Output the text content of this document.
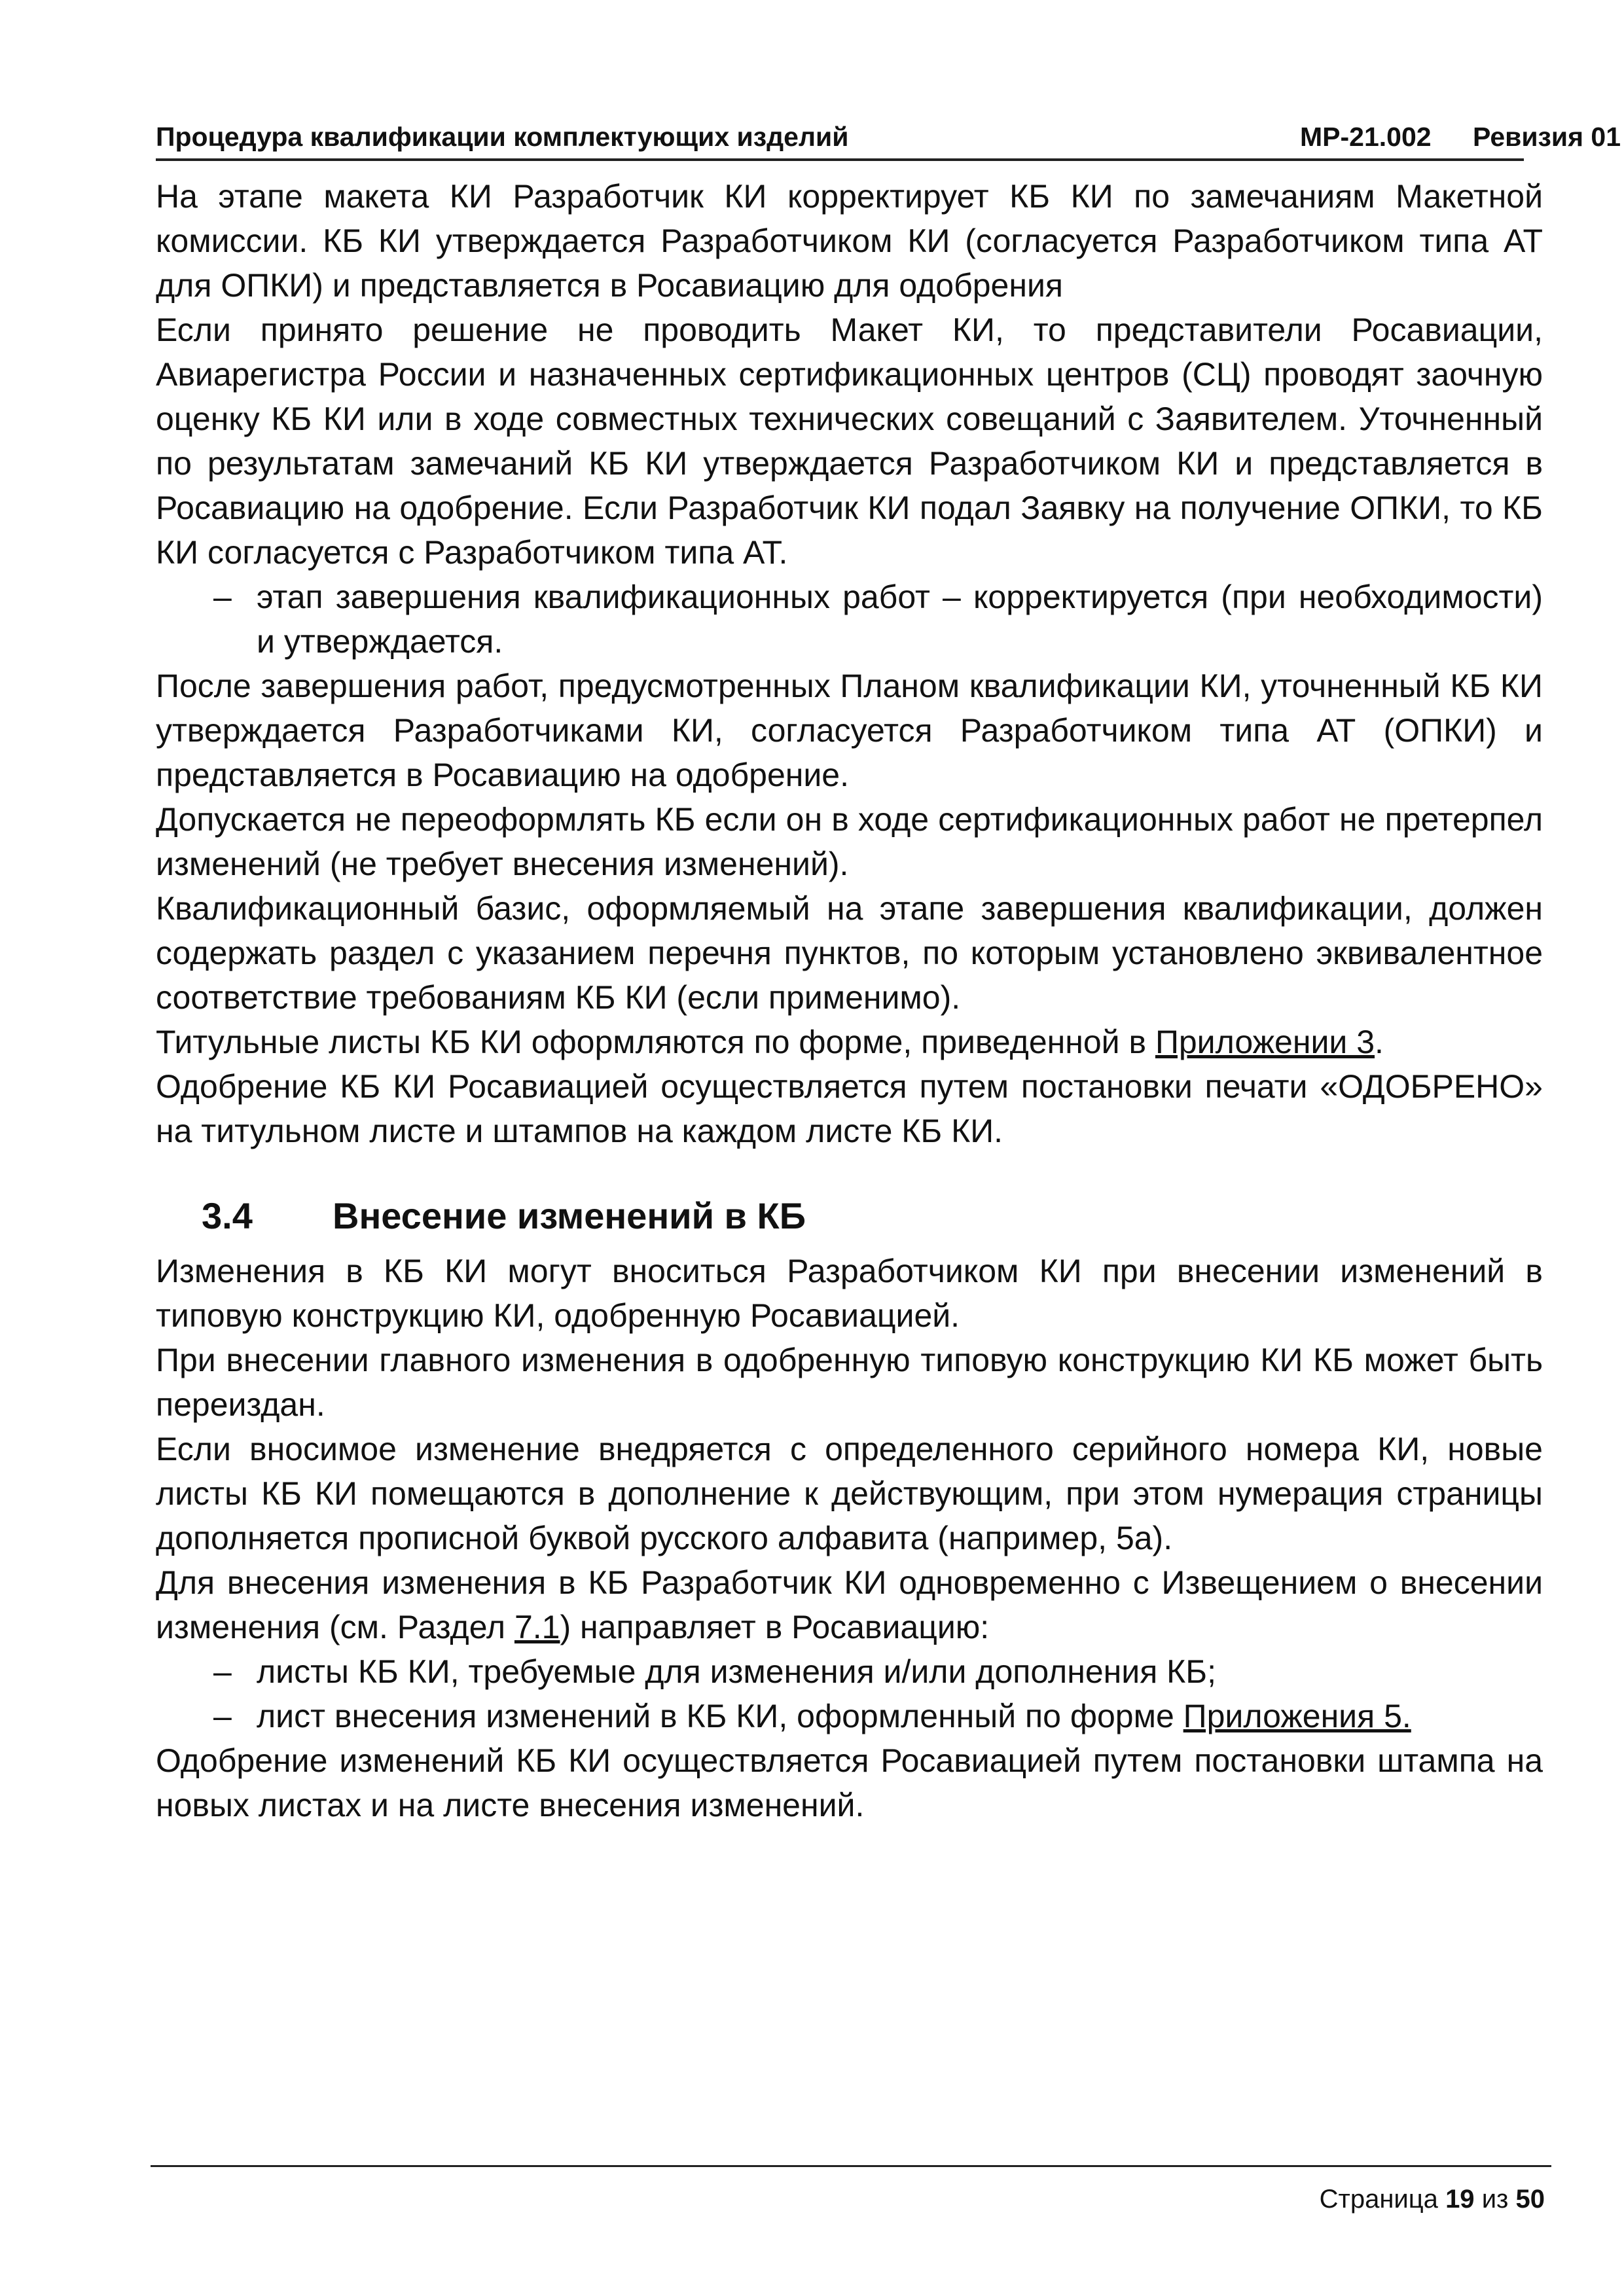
Процедура квалификации комплектующих изделий	МР-21.002 Ревизия 01

На этапе макета КИ Разработчик КИ корректирует КБ КИ по замечаниям Макетной комиссии. КБ КИ утверждается Разработчиком КИ (согласуется Разработчиком типа АТ для ОПКИ) и представляется в Росавиацию для одобрения

Если принято решение не проводить Макет КИ, то представители Росавиации, Авиарегистра России и назначенных сертификационных центров (СЦ) проводят заочную оценку КБ КИ или в ходе совместных технических совещаний с Заявителем. Уточненный по результатам замечаний КБ КИ утверждается Разработчиком КИ и представляется в Росавиацию на одобрение. Если Разработчик КИ подал Заявку на получение ОПКИ, то КБ КИ согласуется с Разработчиком типа АТ.

– этап завершения квалификационных работ – корректируется (при необходимости) и утверждается.

После завершения работ, предусмотренных Планом квалификации КИ, уточненный КБ КИ утверждается Разработчиками КИ, согласуется Разработчиком типа АТ (ОПКИ) и представляется в Росавиацию на одобрение.

Допускается не переоформлять КБ если он в ходе сертификационных работ не претерпел изменений (не требует внесения изменений).

Квалификационный базис, оформляемый на этапе завершения квалификации, должен содержать раздел с указанием перечня пунктов, по которым установлено эквивалентное соответствие требованиям КБ КИ (если применимо).

Титульные листы КБ КИ оформляются по форме, приведенной в Приложении 3.

Одобрение КБ КИ Росавиацией осуществляется путем постановки печати «ОДОБРЕНО» на титульном листе и штампов на каждом листе КБ КИ.

3.4 Внесение изменений в КБ

Изменения в КБ КИ могут вноситься Разработчиком КИ при внесении изменений в типовую конструкцию КИ, одобренную Росавиацией.

При внесении главного изменения в одобренную типовую конструкцию КИ КБ может быть переиздан.

Если вносимое изменение внедряется с определенного серийного номера КИ, новые листы КБ КИ помещаются в дополнение к действующим, при этом нумерация страницы дополняется прописной буквой русского алфавита (например, 5а).

Для внесения изменения в КБ Разработчик КИ одновременно с Извещением о внесении изменения (см. Раздел 7.1) направляет в Росавиацию:

– листы КБ КИ, требуемые для изменения и/или дополнения КБ;
– лист внесения изменений в КБ КИ, оформленный по форме Приложения 5.

Одобрение изменений КБ КИ осуществляется Росавиацией путем постановки штампа на новых листах и на листе внесения изменений.

Страница 19 из 50
